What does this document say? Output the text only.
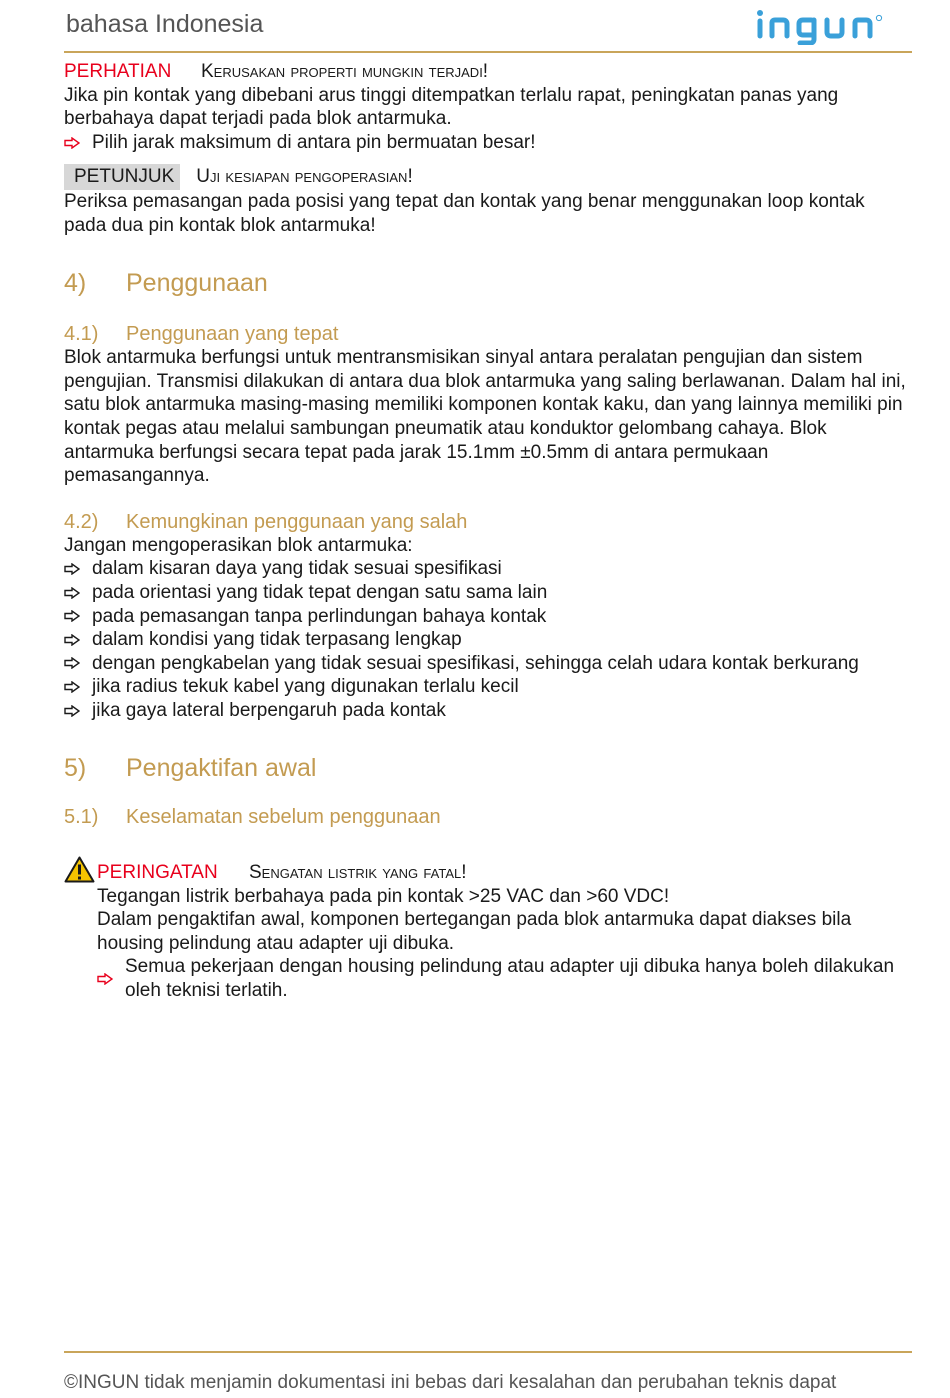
bahasa Indonesia
PERHATIAN	Kerusakan properti mungkin terjadi!

Jika pin kontak yang dibebani arus tinggi ditempatkan terlalu rapat, peningkatan panas yang berbahaya dapat terjadi pada blok antarmuka.

Pilih jarak maksimum di antara pin bermuatan besar!
PETUNJUK	Uji kesiapan pengoperasian!

Periksa pemasangan pada posisi yang tepat dan kontak yang benar menggunakan loop kontak pada dua pin kontak blok antarmuka!

4)	Penggunaan
4.1)	Penggunaan yang tepat

Blok antarmuka berfungsi untuk mentransmisikan sinyal antara peralatan pengujian dan sistem pengujian. Transmisi dilakukan di antara dua blok antarmuka yang saling berlawanan. Dalam hal ini, satu blok antarmuka masing-masing memiliki komponen kontak kaku, dan yang lainnya memiliki pin kontak pegas atau melalui sambungan pneumatik atau konduktor gelombang cahaya. Blok antarmuka berfungsi secara tepat pada jarak 15.1mm ±0.5mm di antara permukaan pemasangannya.

4.2)	Kemungkinan penggunaan yang salah

Jangan mengoperasikan blok antarmuka:

dalam kisaran daya yang tidak sesuai spesifikasi
pada orientasi yang tidak tepat dengan satu sama lain
pada pemasangan tanpa perlindungan bahaya kontak
dalam kondisi yang tidak terpasang lengkap
dengan pengkabelan yang tidak sesuai spesifikasi, sehingga celah udara kontak berkurang
jika radius tekuk kabel yang digunakan terlalu kecil
jika gaya lateral berpengaruh pada kontak
5)	Pengaktifan awal
5.1)	Keselamatan sebelum penggunaan
PERINGATAN	Sengatan listrik yang fatal!

Tegangan listrik berbahaya pada pin kontak >25 VAC dan >60 VDC!

Dalam pengaktifan awal, komponen bertegangan pada blok antarmuka dapat diakses bila housing pelindung atau adapter uji dibuka.

Semua pekerjaan dengan housing pelindung atau adapter uji dibuka hanya boleh dilakukan oleh teknisi terlatih.
©INGUN tidak menjamin dokumentasi ini bebas dari kesalahan dan perubahan teknis dapat
